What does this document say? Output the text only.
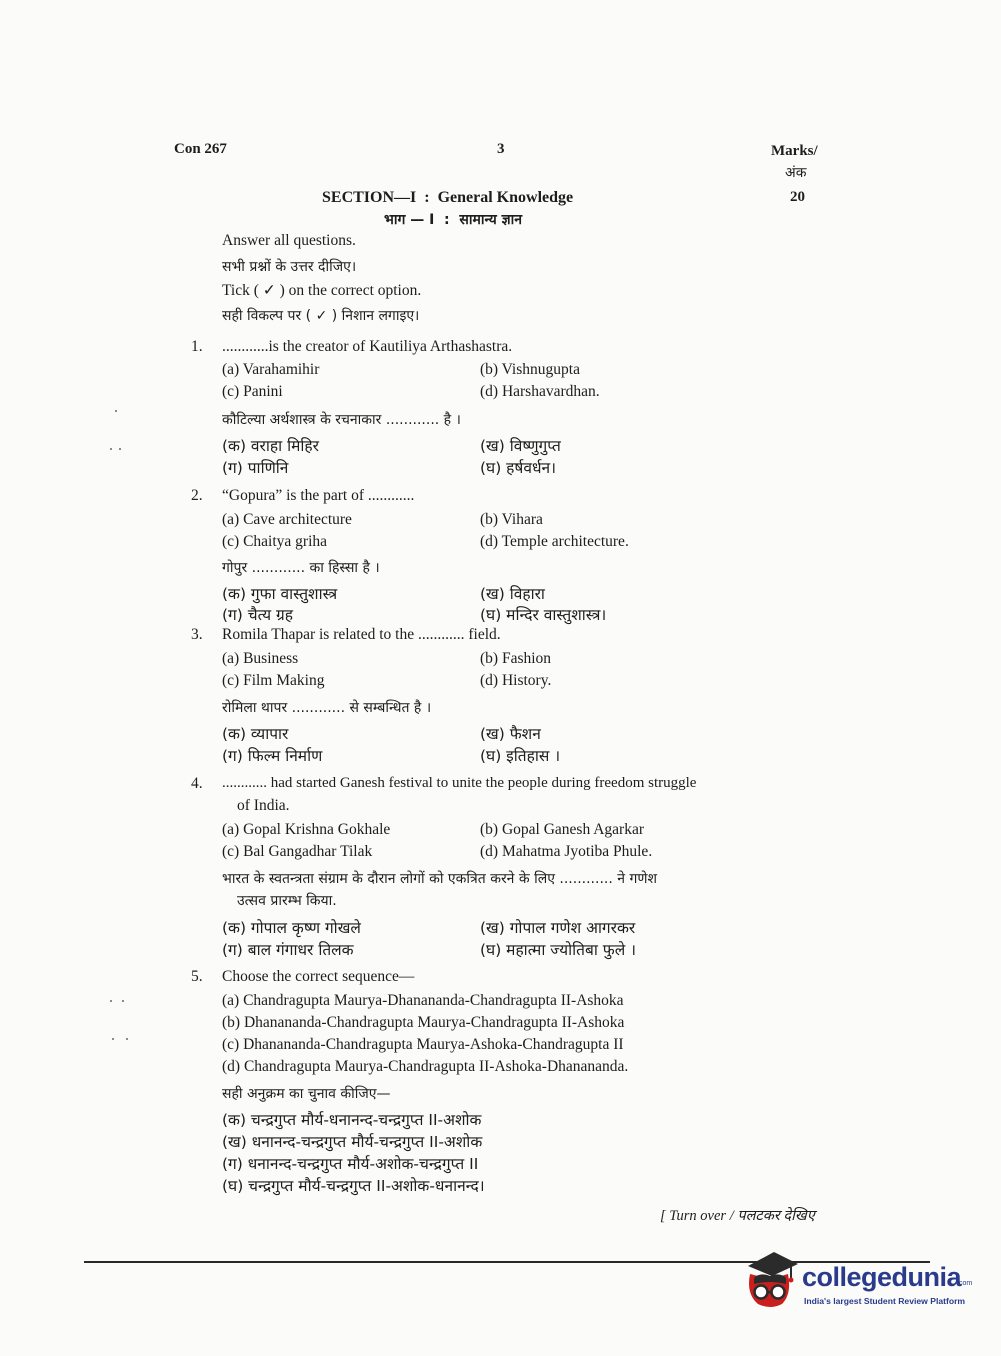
Con 267	3	Marks/
अंक
20
SECTION—I  :  General Knowledge
भाग — I  :  सामान्य ज्ञान
Answer all questions.
सभी प्रश्नों के उत्तर दीजिए।
Tick ( ✓ ) on the correct option.
सही विकल्प पर ( ✓ ) निशान लगाइए।
1. ............is the creator of Kautiliya Arthashastra.
(a) Varahamihir	(b) Vishnugupta
(c) Panini	(d) Harshavardhan.
कौटिल्या अर्थशास्त्र के रचनाकार ............ है ।
(क) वराहा मिहिर	(ख) विष्णुगुप्त
(ग) पाणिनि	(घ) हर्षवर्धन।
2. “Gopura” is the part of ............
(a) Cave architecture	(b) Vihara
(c) Chaitya griha	(d) Temple architecture.
गोपुर ............ का हिस्सा है ।
(क) गुफा वास्तुशास्त्र	(ख) विहारा
(ग) चैत्य ग्रह	(घ) मन्दिर वास्तुशास्त्र।
3. Romila Thapar is related to the ............ field.
(a) Business	(b) Fashion
(c) Film Making	(d) History.
रोमिला थापर ............ से सम्बन्धित है ।
(क) व्यापार	(ख) फैशन
(ग) फिल्म निर्माण	(घ) इतिहास ।
4. ............ had started Ganesh festival to unite the people during freedom struggle
of India.
(a) Gopal Krishna Gokhale	(b) Gopal Ganesh Agarkar
(c) Bal Gangadhar Tilak	(d) Mahatma Jyotiba Phule.
भारत के स्वतन्त्रता संग्राम के दौरान लोगों को एकत्रित करने के लिए ............ ने गणेश
उत्सव प्रारम्भ किया.
(क) गोपाल कृष्ण गोखले	(ख) गोपाल गणेश आगरकर
(ग) बाल गंगाधर तिलक	(घ) महात्मा ज्योतिबा फुले ।
5. Choose the correct sequence—
(a) Chandragupta Maurya-Dhanananda-Chandragupta II-Ashoka
(b) Dhanananda-Chandragupta Maurya-Chandragupta II-Ashoka
(c) Dhanananda-Chandragupta Maurya-Ashoka-Chandragupta II
(d) Chandragupta Maurya-Chandragupta II-Ashoka-Dhanananda.
सही अनुक्रम का चुनाव कीजिए—
(क) चन्द्रगुप्त मौर्य-धनानन्द-चन्द्रगुप्त II-अशोक
(ख) धनानन्द-चन्द्रगुप्त मौर्य-चन्द्रगुप्त II-अशोक
(ग) धनानन्द-चन्द्रगुप्त मौर्य-अशोक-चन्द्रगुप्त II
(घ) चन्द्रगुप्त मौर्य-चन्द्रगुप्त II-अशोक-धनानन्द।
[ Turn over / पलटकर देखिए
collegedunia
.com
India's largest Student Review Platform
